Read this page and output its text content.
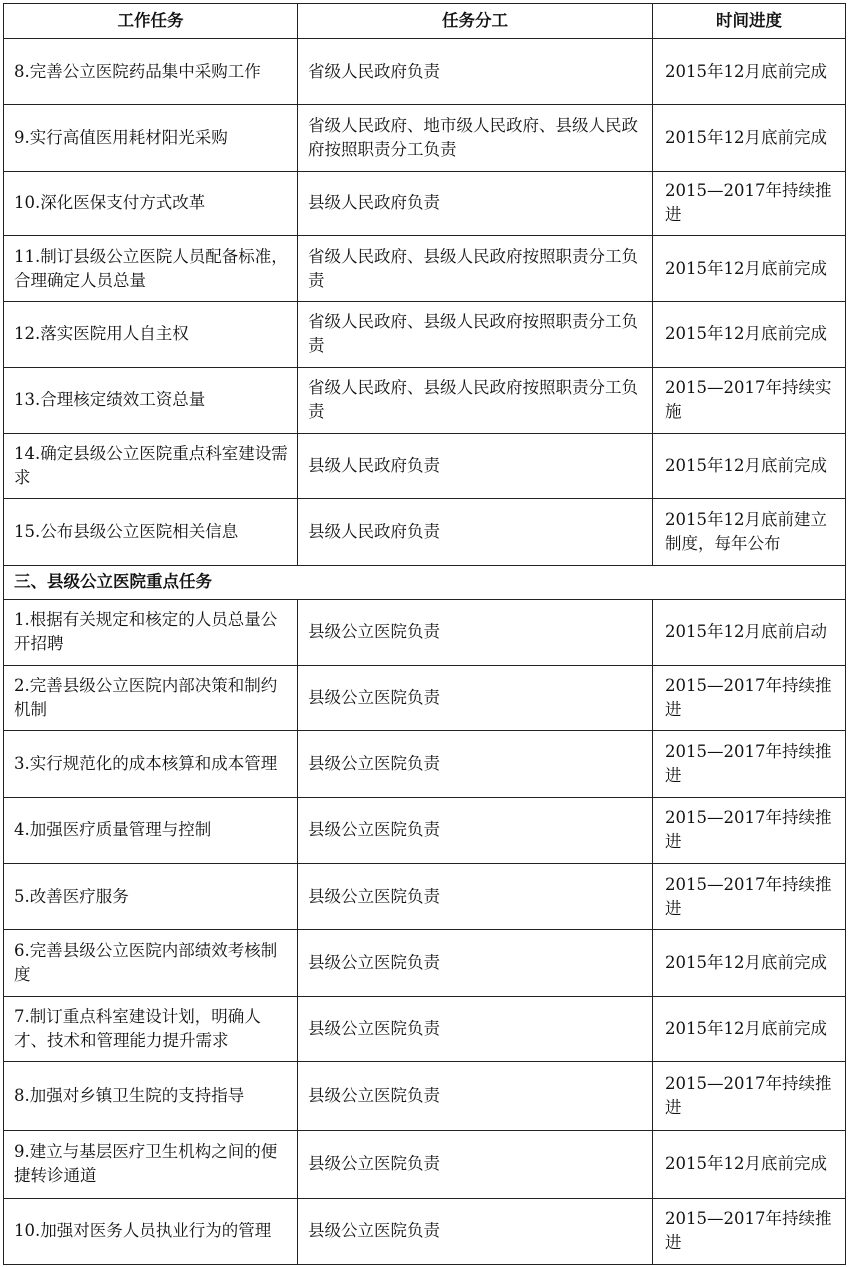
工作任务	任务分工	时间进度
8.完善公立医院药品集中采购工作	省级人民政府负责	2015年12月底前完成
9.实行高值医用耗材阳光采购	省级人民政府、地市级人民政府、县级人民政府按照职责分工负责	2015年12月底前完成
10.深化医保支付方式改革	县级人民政府负责	2015—2017年持续推进
11.制订县级公立医院人员配备标准，合理确定人员总量	省级人民政府、县级人民政府按照职责分工负责	2015年12月底前完成
12.落实医院用人自主权	省级人民政府、县级人民政府按照职责分工负责	2015年12月底前完成
13.合理核定绩效工资总量	省级人民政府、县级人民政府按照职责分工负责	2015—2017年持续实施
14.确定县级公立医院重点科室建设需求	县级人民政府负责	2015年12月底前完成
15.公布县级公立医院相关信息	县级人民政府负责	2015年12月底前建立制度，每年公布
三、县级公立医院重点任务		
1.根据有关规定和核定的人员总量公开招聘	县级公立医院负责	2015年12月底前启动
2.完善县级公立医院内部决策和制约机制	县级公立医院负责	2015—2017年持续推进
3.实行规范化的成本核算和成本管理	县级公立医院负责	2015—2017年持续推进
4.加强医疗质量管理与控制	县级公立医院负责	2015—2017年持续推进
5.改善医疗服务	县级公立医院负责	2015—2017年持续推进
6.完善县级公立医院内部绩效考核制度	县级公立医院负责	2015年12月底前完成
7.制订重点科室建设计划，明确人才、技术和管理能力提升需求	县级公立医院负责	2015年12月底前完成
8.加强对乡镇卫生院的支持指导	县级公立医院负责	2015—2017年持续推进
9.建立与基层医疗卫生机构之间的便捷转诊通道	县级公立医院负责	2015年12月底前完成
10.加强对医务人员执业行为的管理	县级公立医院负责	2015—2017年持续推进
